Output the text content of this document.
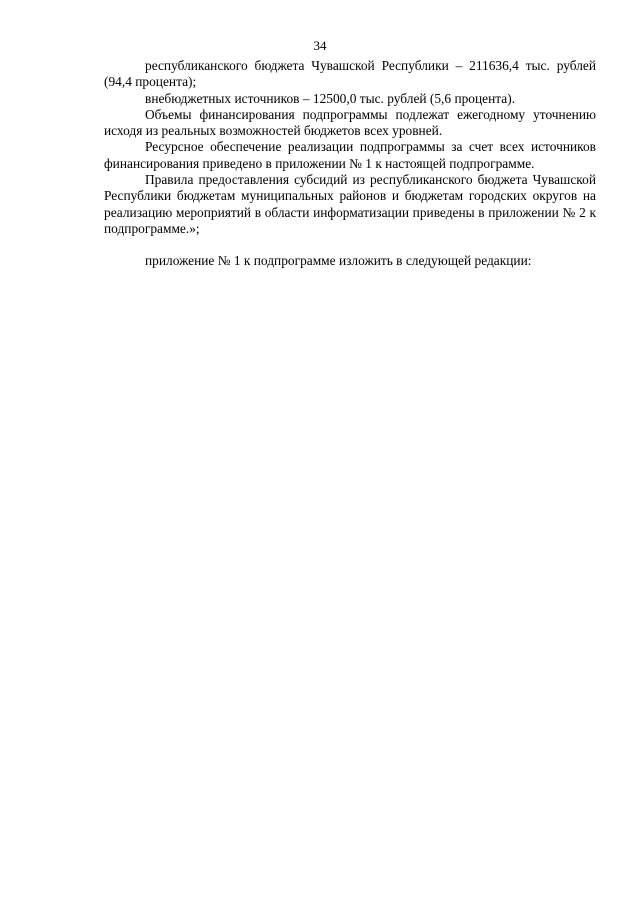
34

республиканского бюджета Чувашской Республики – 211636,4 тыс. рублей (94,4 процента);

внебюджетных источников – 12500,0 тыс. рублей (5,6 процента).

Объемы финансирования подпрограммы подлежат ежегодному уточнению исходя из реальных возможностей бюджетов всех уровней.

Ресурсное обеспечение реализации подпрограммы за счет всех источников финансирования приведено в приложении № 1 к настоящей подпрограмме.

Правила предоставления субсидий из республиканского бюджета Чувашской Республики бюджетам муниципальных районов и бюджетам городских округов на реализацию мероприятий в области информатизации приведены в приложении № 2 к подпрограмме.»;

приложение № 1 к подпрограмме изложить в следующей редакции:
